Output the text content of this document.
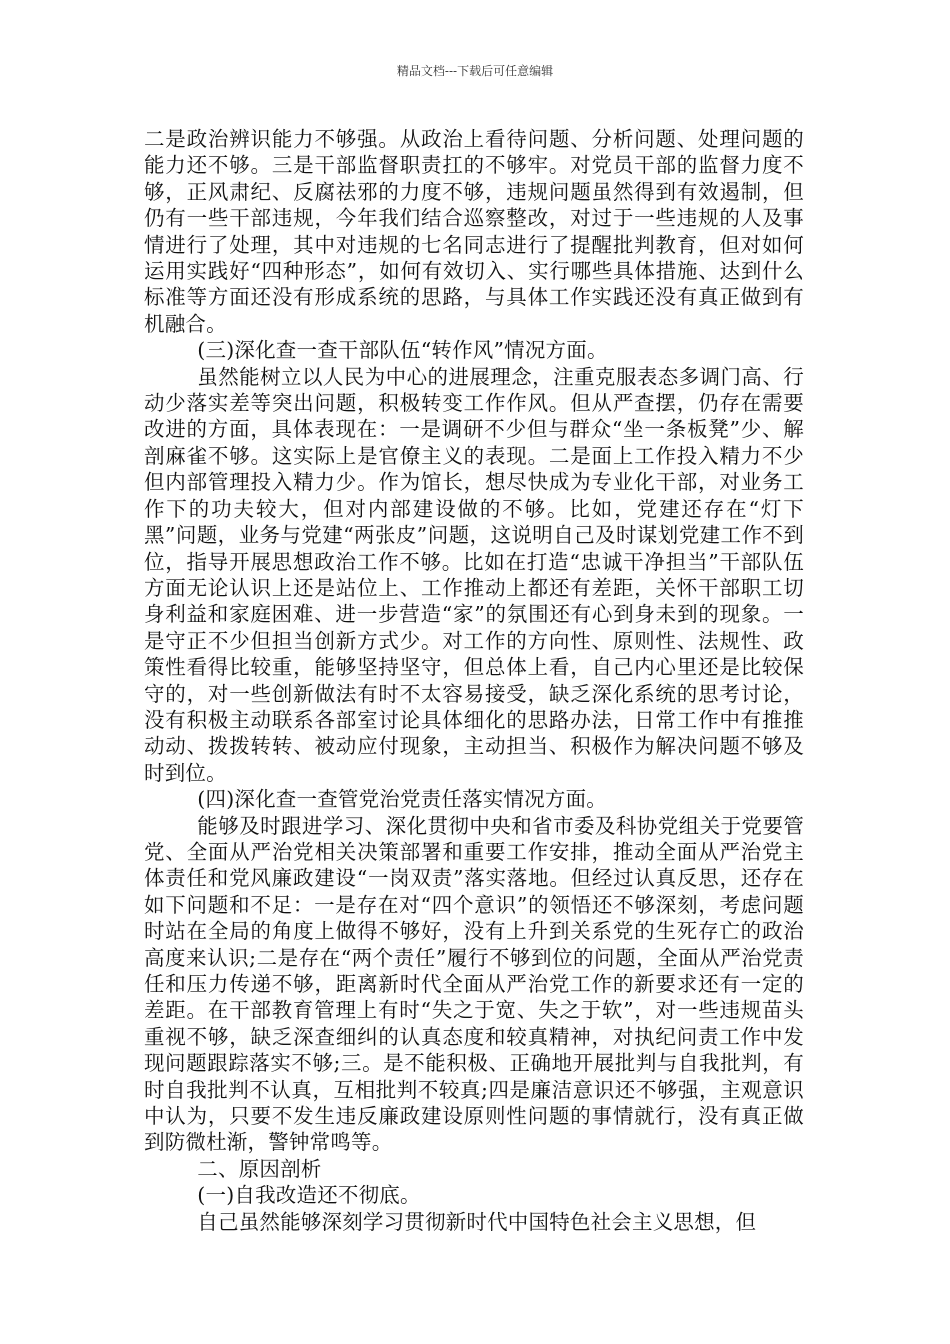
精品文档---下载后可任意编辑

二是政治辨识能力不够强。从政治上看待问题、分析问题、处理问题的能力还不够。三是干部监督职责扛的不够牢。对党员干部的监督力度不够，正风肃纪、反腐祛邪的力度不够，违规问题虽然得到有效遏制，但仍有一些干部违规，今年我们结合巡察整改，对过于一些违规的人及事情进行了处理，其中对违规的七名同志进行了提醒批判教育，但对如何运用实践好“四种形态”，如何有效切入、实行哪些具体措施、达到什么标准等方面还没有形成系统的思路，与具体工作实践还没有真正做到有机融合。

(三)深化查一查干部队伍“转作风”情况方面。

虽然能树立以人民为中心的进展理念，注重克服表态多调门高、行动少落实差等突出问题，积极转变工作作风。但从严查摆，仍存在需要改进的方面，具体表现在：一是调研不少但与群众“坐一条板凳”少、解剖麻雀不够。这实际上是官僚主义的表现。二是面上工作投入精力不少但内部管理投入精力少。作为馆长，想尽快成为专业化干部，对业务工作下的功夫较大，但对内部建设做的不够。比如，党建还存在“灯下黑”问题，业务与党建“两张皮”问题，这说明自己及时谋划党建工作不到位，指导开展思想政治工作不够。比如在打造“忠诚干净担当”干部队伍方面无论认识上还是站位上、工作推动上都还有差距，关怀干部职工切身利益和家庭困难、进一步营造“家”的氛围还有心到身未到的现象。一是守正不少但担当创新方式少。对工作的方向性、原则性、法规性、政策性看得比较重，能够坚持坚守，但总体上看，自己内心里还是比较保守的，对一些创新做法有时不太容易接受，缺乏深化系统的思考讨论，没有积极主动联系各部室讨论具体细化的思路办法，日常工作中有推推动动、拨拨转转、被动应付现象，主动担当、积极作为解决问题不够及时到位。

(四)深化查一查管党治党责任落实情况方面。

能够及时跟进学习、深化贯彻中央和省市委及科协党组关于党要管党、全面从严治党相关决策部署和重要工作安排，推动全面从严治党主体责任和党风廉政建设“一岗双责”落实落地。但经过认真反思，还存在如下问题和不足：一是存在对“四个意识”的领悟还不够深刻，考虑问题时站在全局的角度上做得不够好，没有上升到关系党的生死存亡的政治高度来认识;二是存在“两个责任”履行不够到位的问题，全面从严治党责任和压力传递不够，距离新时代全面从严治党工作的新要求还有一定的差距。在干部教育管理上有时“失之于宽、失之于软”，对一些违规苗头重视不够，缺乏深查细纠的认真态度和较真精神，对执纪问责工作中发现问题跟踪落实不够;三。是不能积极、正确地开展批判与自我批判，有时自我批判不认真，互相批判不较真;四是廉洁意识还不够强，主观意识中认为，只要不发生违反廉政建设原则性问题的事情就行，没有真正做到防微杜渐，警钟常鸣等。

二、原因剖析

(一)自我改造还不彻底。

自己虽然能够深刻学习贯彻新时代中国特色社会主义思想，但
